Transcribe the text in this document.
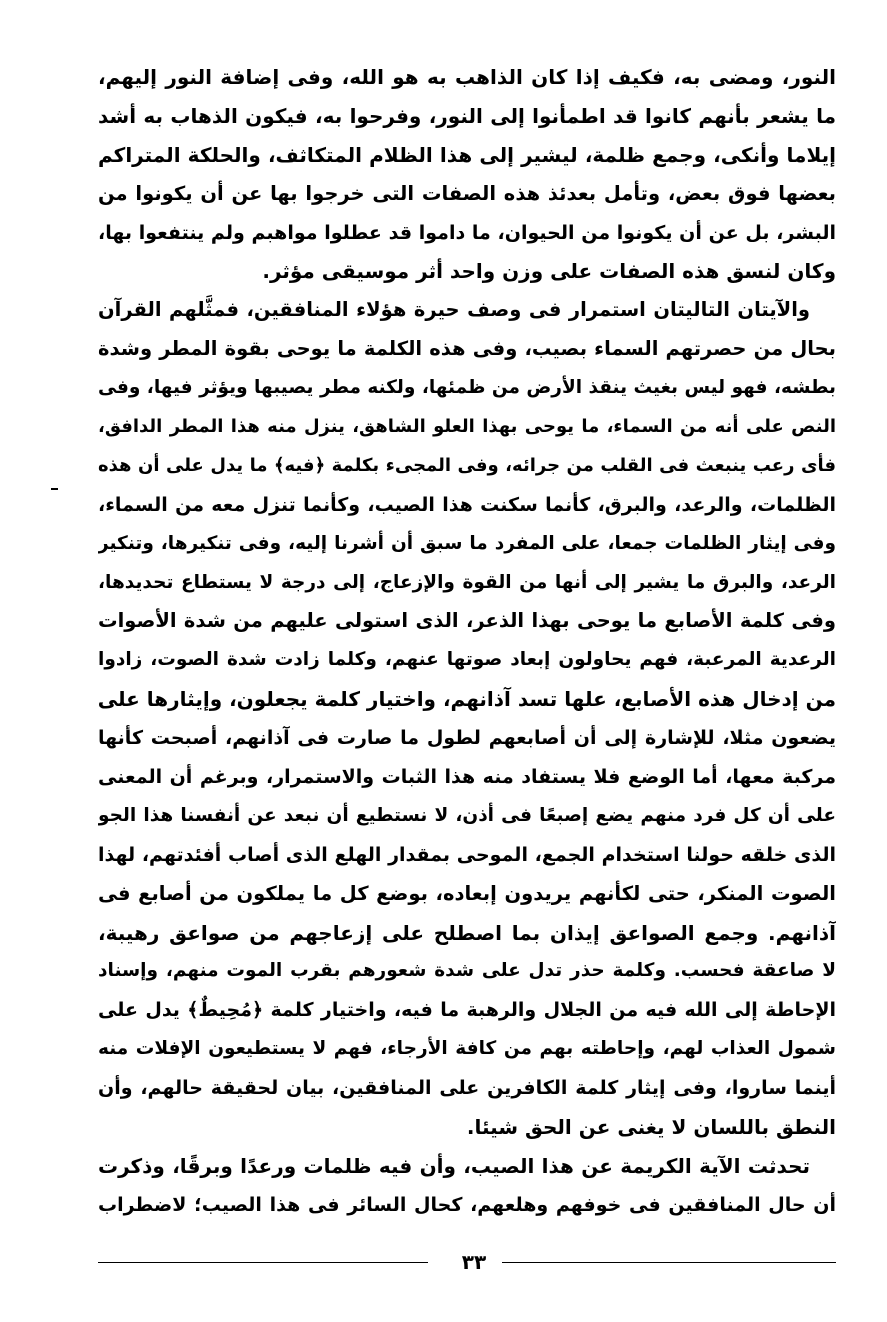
النور، ومضى به، فكيف إذا كان الذاهب به هو الله، وفى إضافة النور إليهم،
ما يشعر بأنهم كانوا قد اطمأنوا إلى النور، وفرحوا به، فيكون الذهاب به أشد
إيلاما وأنكى، وجمع ظلمة، ليشير إلى هذا الظلام المتكاثف، والحلكة المتراكم
بعضها فوق بعض، وتأمل بعدئذ هذه الصفات التى خرجوا بها عن أن يكونوا من
البشر، بل عن أن يكونوا من الحيوان، ما داموا قد عطلوا مواهبم ولم ينتفعوا بها،
وكان لنسق هذه الصفات على وزن واحد أثر موسيقى مؤثر.
والآيتان التاليتان استمرار فى وصف حيرة هؤلاء المنافقين، فمثَّلهم القرآن
بحال من حصرتهم السماء بصيب، وفى هذه الكلمة ما يوحى بقوة المطر وشدة
بطشه، فهو ليس بغيث ينقذ الأرض من ظمئها، ولكنه مطر يصيبها ويؤثر فيها، وفى
النص على أنه من السماء، ما يوحى بهذا العلو الشاهق، ينزل منه هذا المطر الدافق،
فأى رعب ينبعث فى القلب من جرائه، وفى المجىء بكلمة ﴿فيه﴾ ما يدل على أن هذه
الظلمات، والرعد، والبرق، كأنما سكنت هذا الصيب، وكأنما تنزل معه من السماء،
وفى إيثار الظلمات جمعا، على المفرد ما سبق أن أشرنا إليه، وفى تنكيرها، وتنكير
الرعد، والبرق ما يشير إلى أنها من القوة والإزعاج، إلى درجة لا يستطاع تحديدها،
وفى كلمة الأصابع ما يوحى بهذا الذعر، الذى استولى عليهم من شدة الأصوات
الرعدية المرعبة، فهم يحاولون إبعاد صوتها عنهم، وكلما زادت شدة الصوت، زادوا
من إدخال هذه الأصابع، علها تسد آذانهم، واختيار كلمة يجعلون، وإيثارها على
يضعون مثلا، للإشارة إلى أن أصابعهم لطول ما صارت فى آذانهم، أصبحت كأنها
مركبة معها، أما الوضع فلا يستفاد منه هذا الثبات والاستمرار، وبرغم أن المعنى
على أن كل فرد منهم يضع إصبعًا فى أذن، لا نستطيع أن نبعد عن أنفسنا هذا الجو
الذى خلقه حولنا استخدام الجمع، الموحى بمقدار الهلع الذى أصاب أفئدتهم، لهذا
الصوت المنكر، حتى لكأنهم يريدون إبعاده، بوضع كل ما يملكون من أصابع فى
آذانهم. وجمع الصواعق إيذان بما اصطلح على إزعاجهم من صواعق رهيبة،
لا صاعقة فحسب. وكلمة حذر تدل على شدة شعورهم بقرب الموت منهم، وإسناد
الإحاطة إلى الله فيه من الجلال والرهبة ما فيه، واختيار كلمة ﴿مُحِيطٌ﴾ يدل على
شمول العذاب لهم، وإحاطته بهم من كافة الأرجاء، فهم لا يستطيعون الإفلات منه
أينما ساروا، وفى إيثار كلمة الكافرين على المنافقين، بيان لحقيقة حالهم، وأن
النطق باللسان لا يغنى عن الحق شيئا.
تحدثت الآية الكريمة عن هذا الصيب، وأن فيه ظلمات ورعدًا وبرقًا، وذكرت
أن حال المنافقين فى خوفهم وهلعهم، كحال السائر فى هذا الصيب؛ لاضطراب
٣٣
